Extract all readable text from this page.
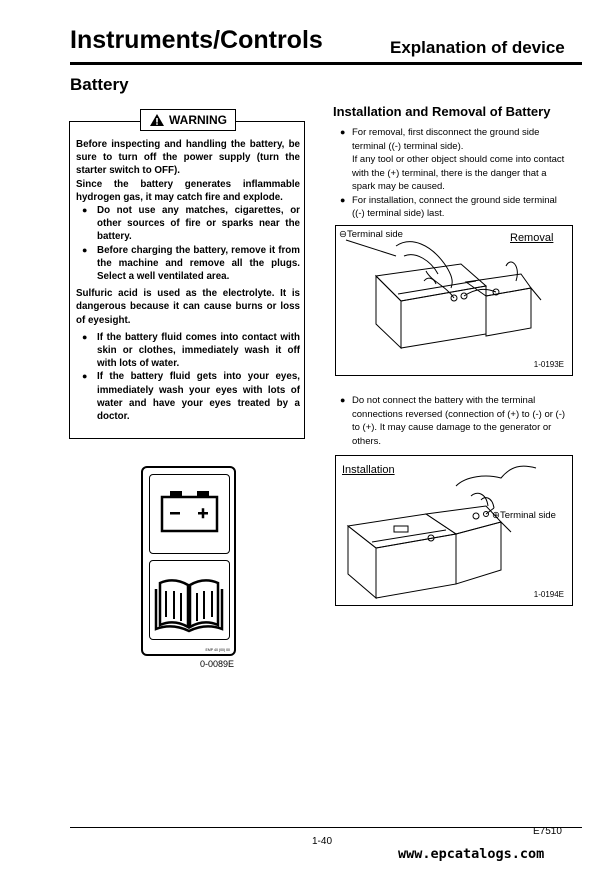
Instruments/Controls	Explanation of device
Battery
Before inspecting and handling the battery, be sure to turn off the power supply (turn the starter switch to OFF).
Since the battery generates inflammable hydrogen gas, it may catch fire and explode.
● Do not use any matches, cigarettes, or other sources of fire or sparks near the battery.
● Before charging the battery, remove it from the machine and remove all the plugs. Select a well ventilated area.
Sulfuric acid is used as the electrolyte. It is dangerous because it can cause burns or loss of eyesight.
● If the battery fluid comes into contact with skin or clothes, immediately wash it off with lots of water.
● If the battery fluid gets into your eyes, immediately wash your eyes with lots of water and have your eyes treated by a doctor.
WARNING
EMP 40 (00) 00
0-0089E
Installation and Removal of Battery
● For removal, first disconnect the ground side terminal ((-) terminal side).
If any tool or other object should come into contact with the (+) terminal, there is the danger that a spark may be caused.
● For installation, connect the ground side terminal ((-) terminal side) last.
⊖Terminal side	Removal
1-0193E
● Do not connect the battery with the terminal connections reversed (connection of (+) to (-) or (-) to (+). It may cause damage to the generator or others.
Installation
⊕Terminal side
1-0194E
E7510
1-40
www.epcatalogs.com
